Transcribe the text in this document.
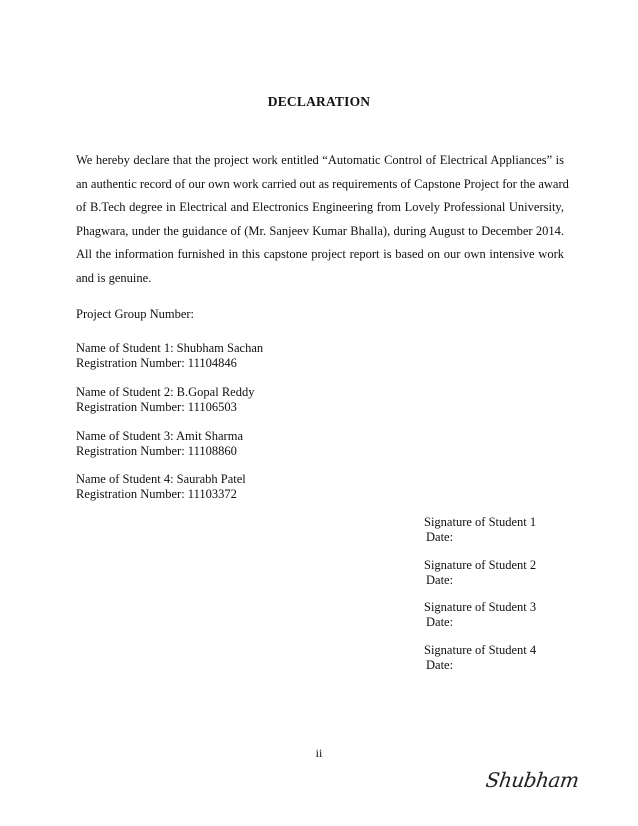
DECLARATION
We hereby declare that the project work entitled “Automatic Control of Electrical Appliances” is
an authentic record of our own work carried out as requirements of Capstone Project for the award
of B.Tech degree in Electrical and Electronics Engineering from Lovely Professional University,
Phagwara, under the guidance of (Mr. Sanjeev Kumar Bhalla), during August to December 2014.
All the information furnished in this capstone project report is based on our own intensive work
and is genuine.
Project Group Number:
Name of Student 1: Shubham Sachan
Registration Number: 11104846
Name of Student 2: B.Gopal Reddy
Registration Number: 11106503
Name of Student 3: Amit Sharma
Registration Number: 11108860
Name of Student 4: Saurabh Patel
Registration Number: 11103372
Signature of Student 1
Date:
Signature of Student 2
Date:
Signature of Student 3
Date:
Signature of Student 4
Date:
ii
Shubham
